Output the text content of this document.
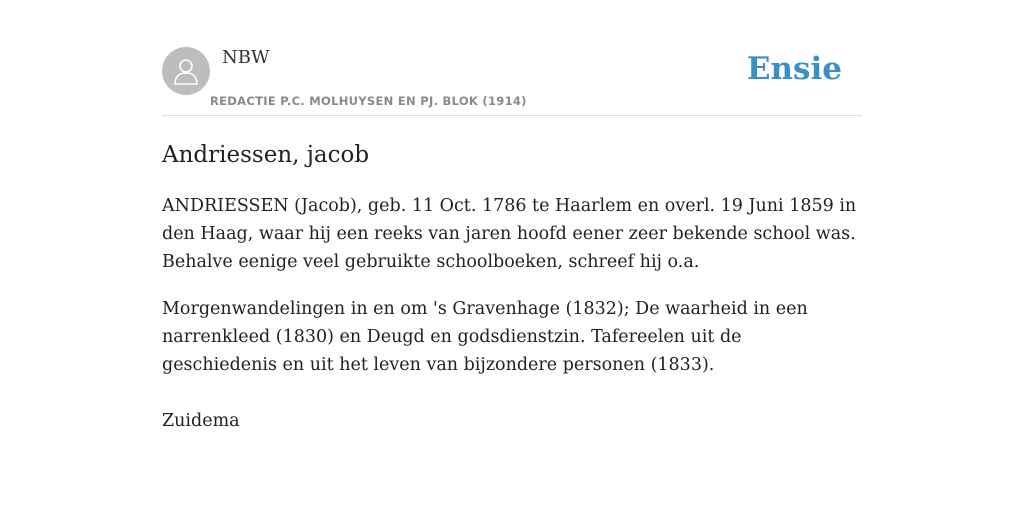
NBW
REDACTIE P.C. MOLHUYSEN EN PJ. BLOK (1914)
Ensie
Andriessen, jacob

ANDRIESSEN (Jacob), geb. 11 Oct. 1786 te Haarlem en overl. 19 Juni 1859 in den Haag, waar hij een reeks van jaren hoofd eener zeer bekende school was. Behalve eenige veel gebruikte schoolboeken, schreef hij o.a.

Morgenwandelingen in en om 's Gravenhage (1832); De waarheid in een narrenkleed (1830) en Deugd en godsdienstzin. Tafereelen uit de geschiedenis en uit het leven van bijzondere personen (1833).

Zuidema
